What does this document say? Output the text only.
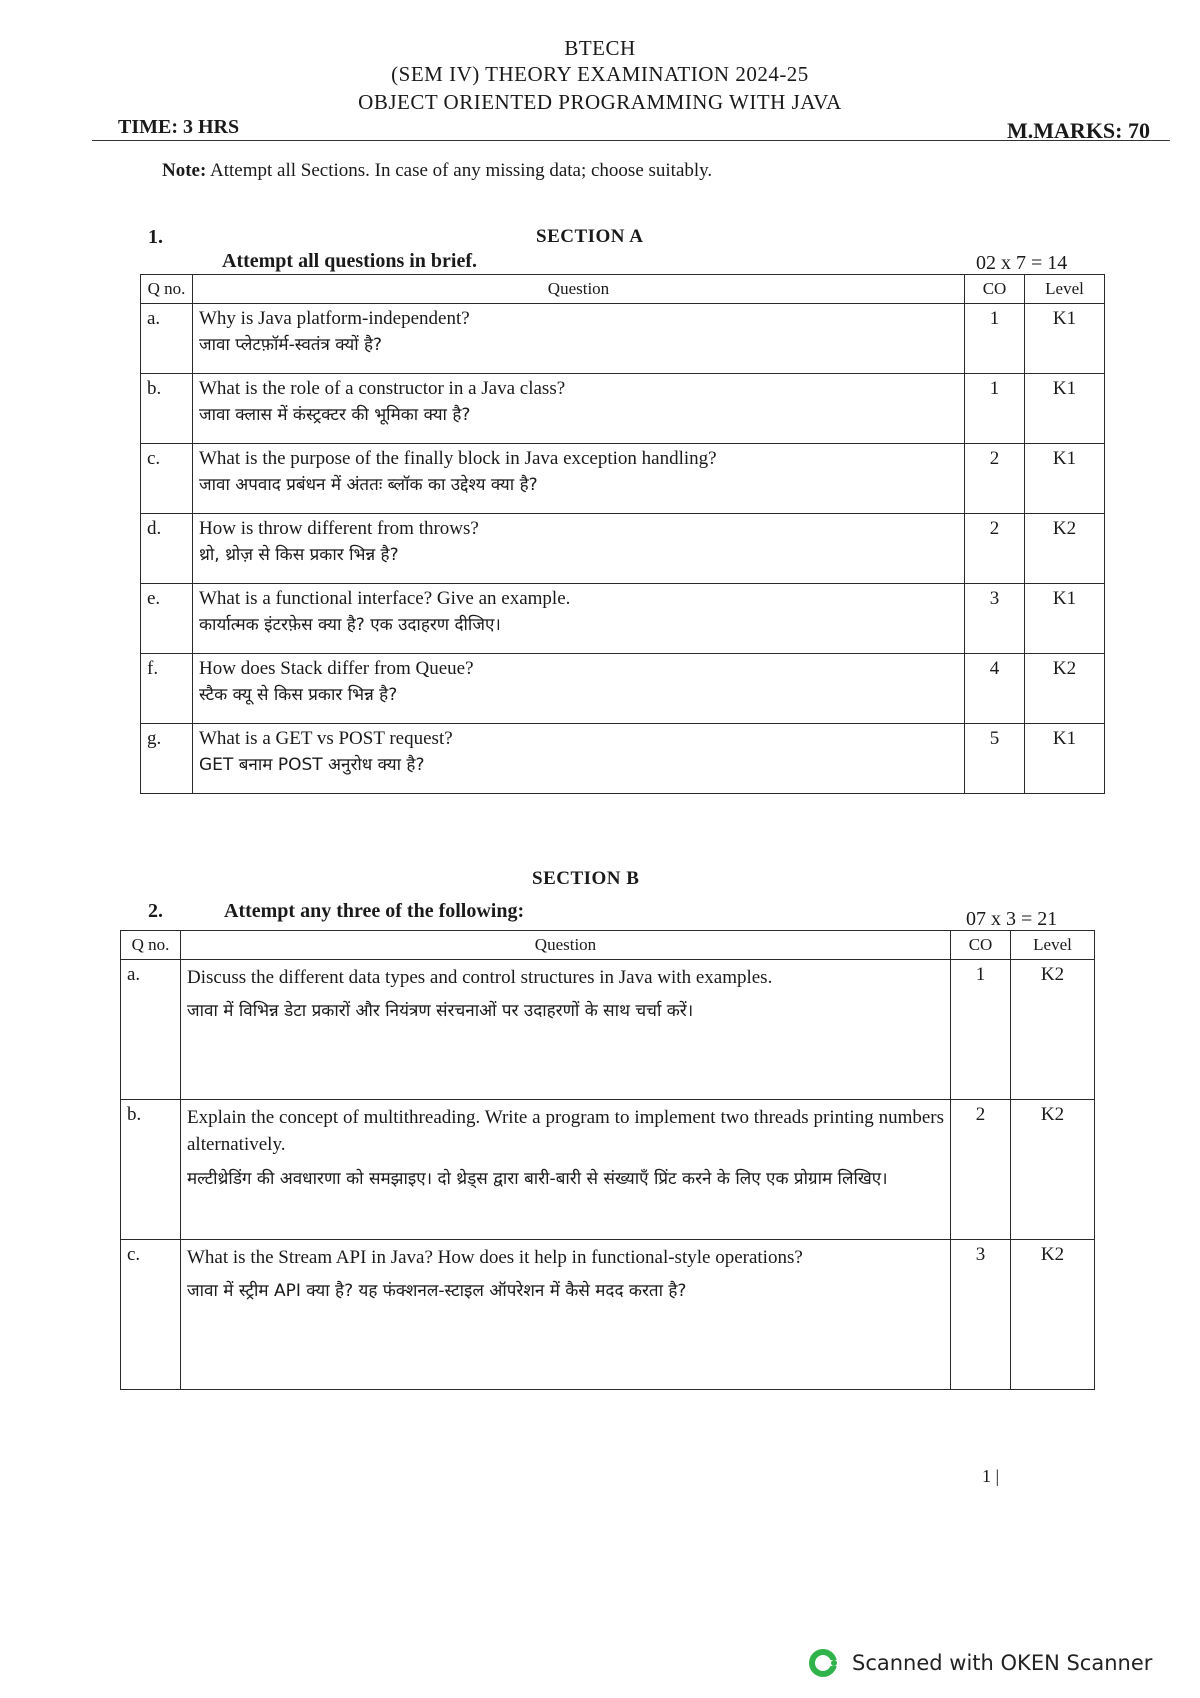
BTECH
(SEM IV) THEORY EXAMINATION 2024-25
OBJECT ORIENTED PROGRAMMING WITH JAVA
TIME: 3 HRS	M.MARKS: 70
Note: Attempt all Sections. In case of any missing data; choose suitably.
1.	SECTION A
Attempt all questions in brief.	02 x 7 = 14
Q no.	Question	CO	Level
a.	Why is Java platform-independent?
जावा प्लेटफ़ॉर्म-स्वतंत्र क्यों है?	1	K1
b.	What is the role of a constructor in a Java class?
जावा क्लास में कंस्ट्रक्टर की भूमिका क्या है?	1	K1
c.	What is the purpose of the finally block in Java exception handling?
जावा अपवाद प्रबंधन में अंततः ब्लॉक का उद्देश्य क्या है?	2	K1
d.	How is throw different from throws?
थ्रो, थ्रोज़ से किस प्रकार भिन्न है?	2	K2
e.	What is a functional interface? Give an example.
कार्यात्मक इंटरफ़ेस क्या है? एक उदाहरण दीजिए।	3	K1
f.	How does Stack differ from Queue?
स्टैक क्यू से किस प्रकार भिन्न है?	4	K2
g.	What is a GET vs POST request?
GET बनाम POST अनुरोध क्या है?	5	K1
SECTION B
2.	Attempt any three of the following:	07 x 3 = 21
Q no.	Question	CO	Level
a.	Discuss the different data types and control structures in Java with examples.
जावा में विभिन्न डेटा प्रकारों और नियंत्रण संरचनाओं पर उदाहरणों के साथ चर्चा करें।	1	K2
b.	Explain the concept of multithreading. Write a program to implement two threads printing numbers alternatively.
मल्टीथ्रेडिंग की अवधारणा को समझाइए। दो थ्रेड्स द्वारा बारी-बारी से संख्याएँ प्रिंट करने के लिए एक प्रोग्राम लिखिए।	2	K2
c.	What is the Stream API in Java? How does it help in functional-style operations?
जावा में स्ट्रीम API क्या है? यह फंक्शनल-स्टाइल ऑपरेशन में कैसे मदद करता है?	3	K2
1 |
Scanned with OKEN Scanner
